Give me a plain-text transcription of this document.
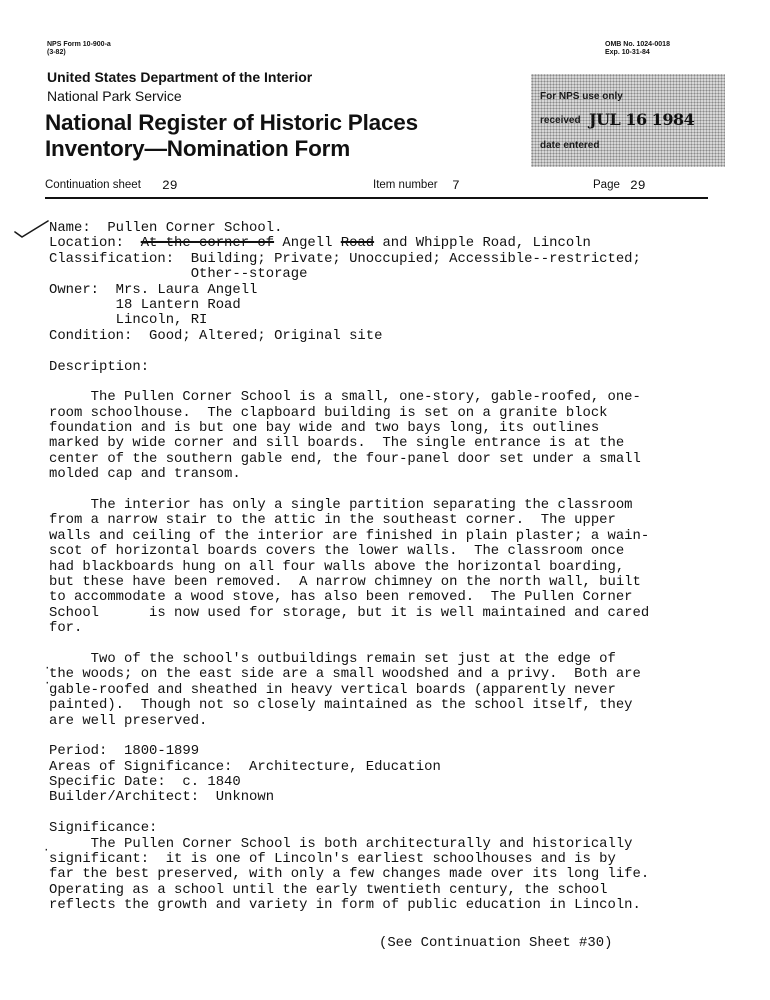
NPS Form 10-900-a
(3-82)
OMB No. 1024-0018
Exp. 10-31-84
United States Department of the Interior
National Park Service
National Register of Historic Places
Inventory—Nomination Form
For NPS use only
received JUL 16 1984
date entered
Continuation sheet 29	Item number 7	Page 29
·
·
·
Name:  Pullen Corner School.
Location:  At the corner of Angell Road and Whipple Road, Lincoln
Classification:  Building; Private; Unoccupied; Accessible--restricted;
Other--storage
Owner:  Mrs. Laura Angell
18 Lantern Road
Lincoln, RI
Condition:  Good; Altered; Original site
Description:
The Pullen Corner School is a small, one-story, gable-roofed, one-
room schoolhouse.  The clapboard building is set on a granite block
foundation and is but one bay wide and two bays long, its outlines
marked by wide corner and sill boards.  The single entrance is at the
center of the southern gable end, the four-panel door set under a small
molded cap and transom.
The interior has only a single partition separating the classroom
from a narrow stair to the attic in the southeast corner.  The upper
walls and ceiling of the interior are finished in plain plaster; a wain-
scot of horizontal boards covers the lower walls.  The classroom once
had blackboards hung on all four walls above the horizontal boarding,
but these have been removed.  A narrow chimney on the north wall, built
to accommodate a wood stove, has also been removed.  The Pullen Corner
School      is now used for storage, but it is well maintained and cared
for.
Two of the school's outbuildings remain set just at the edge of
the woods; on the east side are a small woodshed and a privy.  Both are
gable-roofed and sheathed in heavy vertical boards (apparently never
painted).  Though not so closely maintained as the school itself, they
are well preserved.
Period:  1800-1899
Areas of Significance:  Architecture, Education
Specific Date:  c. 1840
Builder/Architect:  Unknown
Significance:
The Pullen Corner School is both architecturally and historically
significant:  it is one of Lincoln's earliest schoolhouses and is by
far the best preserved, with only a few changes made over its long life.
Operating as a school until the early twentieth century, the school
reflects the growth and variety in form of public education in Lincoln.
(See Continuation Sheet #30)
